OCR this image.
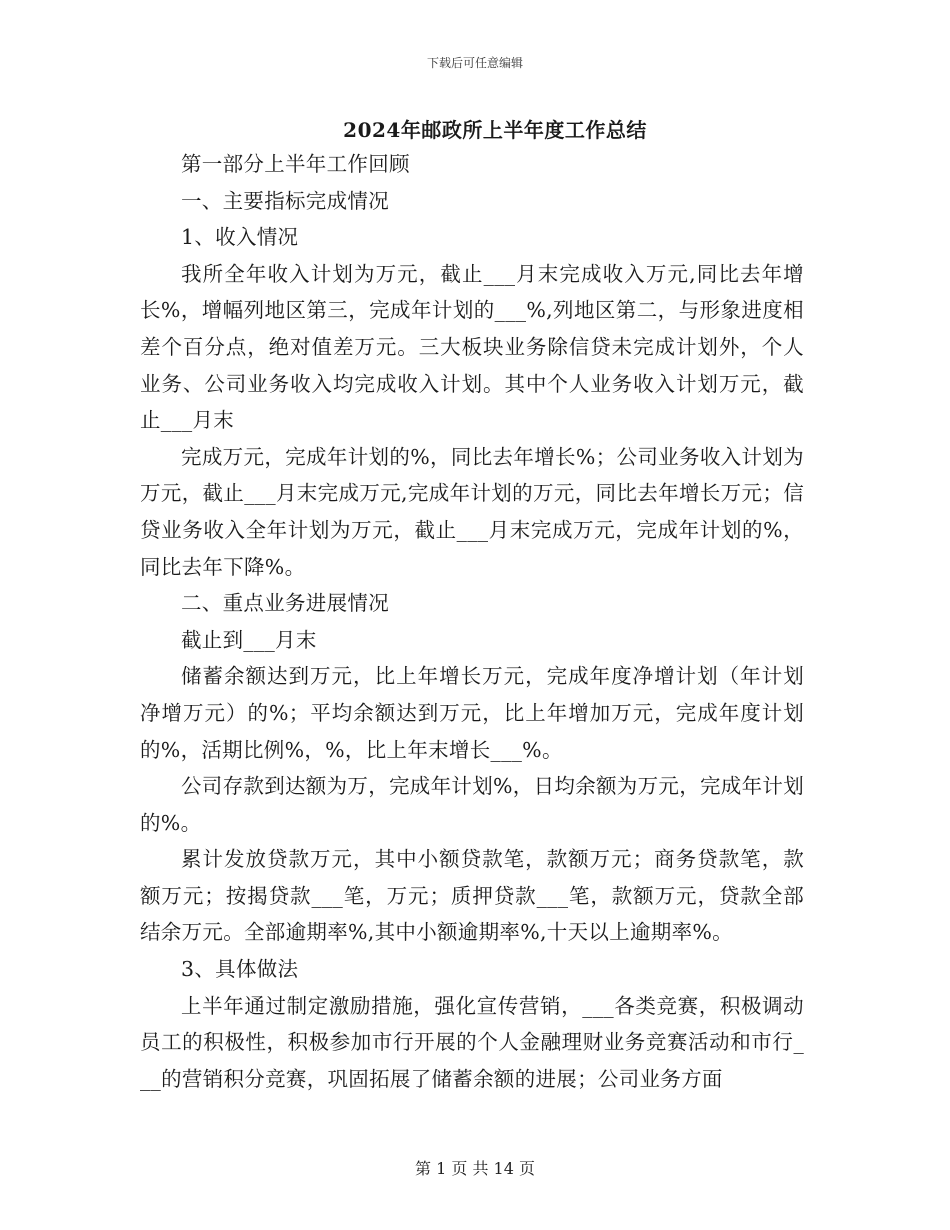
下载后可任意编辑
2024年邮政所上半年度工作总结

第一部分上半年工作回顾

一、主要指标完成情况

1、收入情况

我所全年收入计划为万元，截止___月末完成收入万元,同比去年增长%，增幅列地区第三，完成年计划的___%,列地区第二，与形象进度相差个百分点，绝对值差万元。三大板块业务除信贷未完成计划外，个人业务、公司业务收入均完成收入计划。其中个人业务收入计划万元，截止___月末

完成万元，完成年计划的%，同比去年增长%；公司业务收入计划为万元，截止___月末完成万元,完成年计划的万元，同比去年增长万元；信贷业务收入全年计划为万元，截止___月末完成万元，完成年计划的%，同比去年下降%。

二、重点业务进展情况

截止到___月末

储蓄余额达到万元，比上年增长万元，完成年度净增计划（年计划净增万元）的%；平均余额达到万元，比上年增加万元，完成年度计划的%，活期比例%，%，比上年末增长___%。

公司存款到达额为万，完成年计划%，日均余额为万元，完成年计划的%。

累计发放贷款万元，其中小额贷款笔，款额万元；商务贷款笔，款额万元；按揭贷款___笔，万元；质押贷款___笔，款额万元，贷款全部结余万元。全部逾期率%,其中小额逾期率%,十天以上逾期率%。

3、具体做法

上半年通过制定激励措施，强化宣传营销，___各类竞赛，积极调动员工的积极性，积极参加市行开展的个人金融理财业务竞赛活动和市行___的营销积分竞赛，巩固拓展了储蓄余额的进展；公司业务方面

第 1 页 共 14 页
